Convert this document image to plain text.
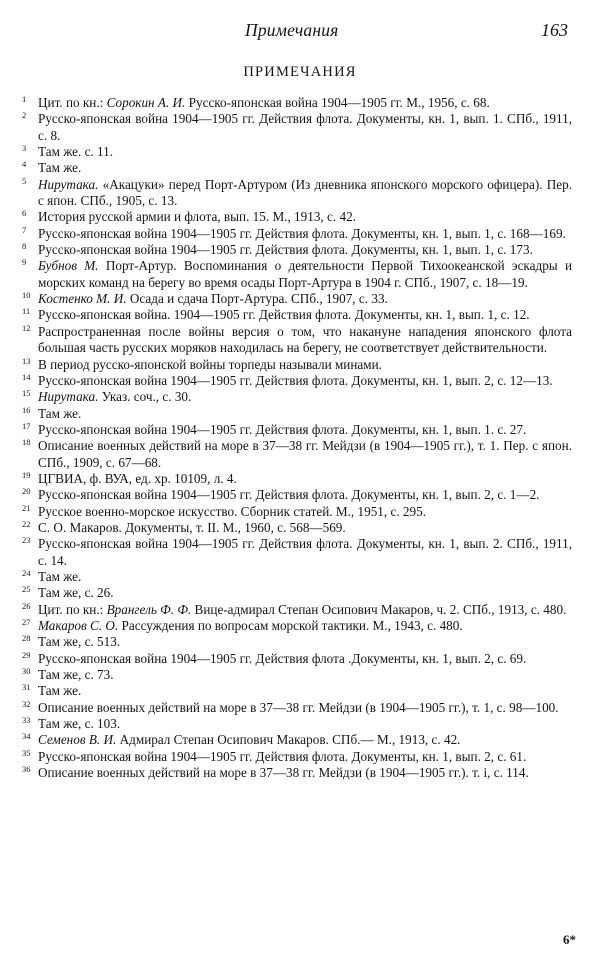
Примечания	163
ПРИМЕЧАНИЯ
1 Цит. по кн.: Сорокин А. И. Русско-японская война 1904—1905 гг. М., 1956, с. 68.
2 Русско-японская война 1904—1905 гг. Действия флота. Документы, кн. 1, вып. 1. СПб., 1911, с. 8.
3 Там же. с. 11.
4 Там же.
5 Нирутака. «Акацуки» перед Порт-Артуром (Из дневника японского морского офицера). Пер. с япон. СПб., 1905, с. 13.
6 История русской армии и флота, вып. 15. М., 1913, с. 42.
7 Русско-японская война 1904—1905 гг. Действия флота. Документы, кн. 1, вып. 1, с. 168—169.
8 Русско-японская война 1904—1905 гг. Действия флота. Документы, кн. 1, вып. 1, с. 173.
9 Бубнов М. Порт-Артур. Воспоминания о деятельности Первой Тихоокеанской эскадры и морских команд на берегу во время осады Порт-Артура в 1904 г. СПб., 1907, с. 18—19.
10 Костенко М. И. Осада и сдача Порт-Артура. СПб., 1907, с. 33.
11 Русско-японская война. 1904—1905 гг. Действия флота. Документы, кн. 1, вып. 1, с. 12.
12 Распространенная после войны версия о том, что накануне нападения японского флота большая часть русских моряков находилась на берегу, не соответствует действительности.
13 В период русско-японской войны торпеды называли минами.
14 Русско-японская война 1904—1905 гг. Действия флота. Документы, кн. 1, вып. 2, с. 12—13.
15 Нирутака. Указ. соч., с. 30.
16 Там же.
17 Русско-японская война 1904—1905 гг. Действия флота. Документы, кн. 1, вып. 1. с. 27.
18 Описание военных действий на море в 37—38 гг. Мейдзи (в 1904—1905 гг.), т. 1. Пер. с япон. СПб., 1909, с. 67—68.
19 ЦГВИА, ф. ВУА, ед. хр. 10109, л. 4.
20 Русско-японская война 1904—1905 гг. Действия флота. Документы, кн. 1, вып. 2, с. 1—2.
21 Русское военно-морское искусство. Сборник статей. М., 1951, с. 295.
22 С. О. Макаров. Документы, т. II. М., 1960, с. 568—569.
23 Русско-японская война 1904—1905 гг. Действия флота. Документы, кн. 1, вып. 2. СПб., 1911, с. 14.
24 Там же.
25 Там же, с. 26.
26 Цит. по кн.: Врангель Ф. Ф. Вице-адмирал Степан Осипович Макаров, ч. 2. СПб., 1913, с. 480.
27 Макаров С. О. Рассуждения по вопросам морской тактики. М., 1943, с. 480.
28 Там же, с. 513.
29 Русско-японская война 1904—1905 гг. Действия флота .Документы, кн. 1, вып. 2, с. 69.
30 Там же, с. 73.
31 Там же.
32 Описание военных действий на море в 37—38 гг. Мейдзи (в 1904—1905 гг.), т. 1, с. 98—100.
33 Там же, с. 103.
34 Семенов В. И. Адмирал Степан Осипович Макаров. СПб.— М., 1913, с. 42.
35 Русско-японская война 1904—1905 гг. Действия флота. Документы, кн. 1, вып. 2, с. 61.
36 Описание военных действий на море в 37—38 гг. Мейдзи (в 1904—1905 гг.). т. і, с. 114.
6*
